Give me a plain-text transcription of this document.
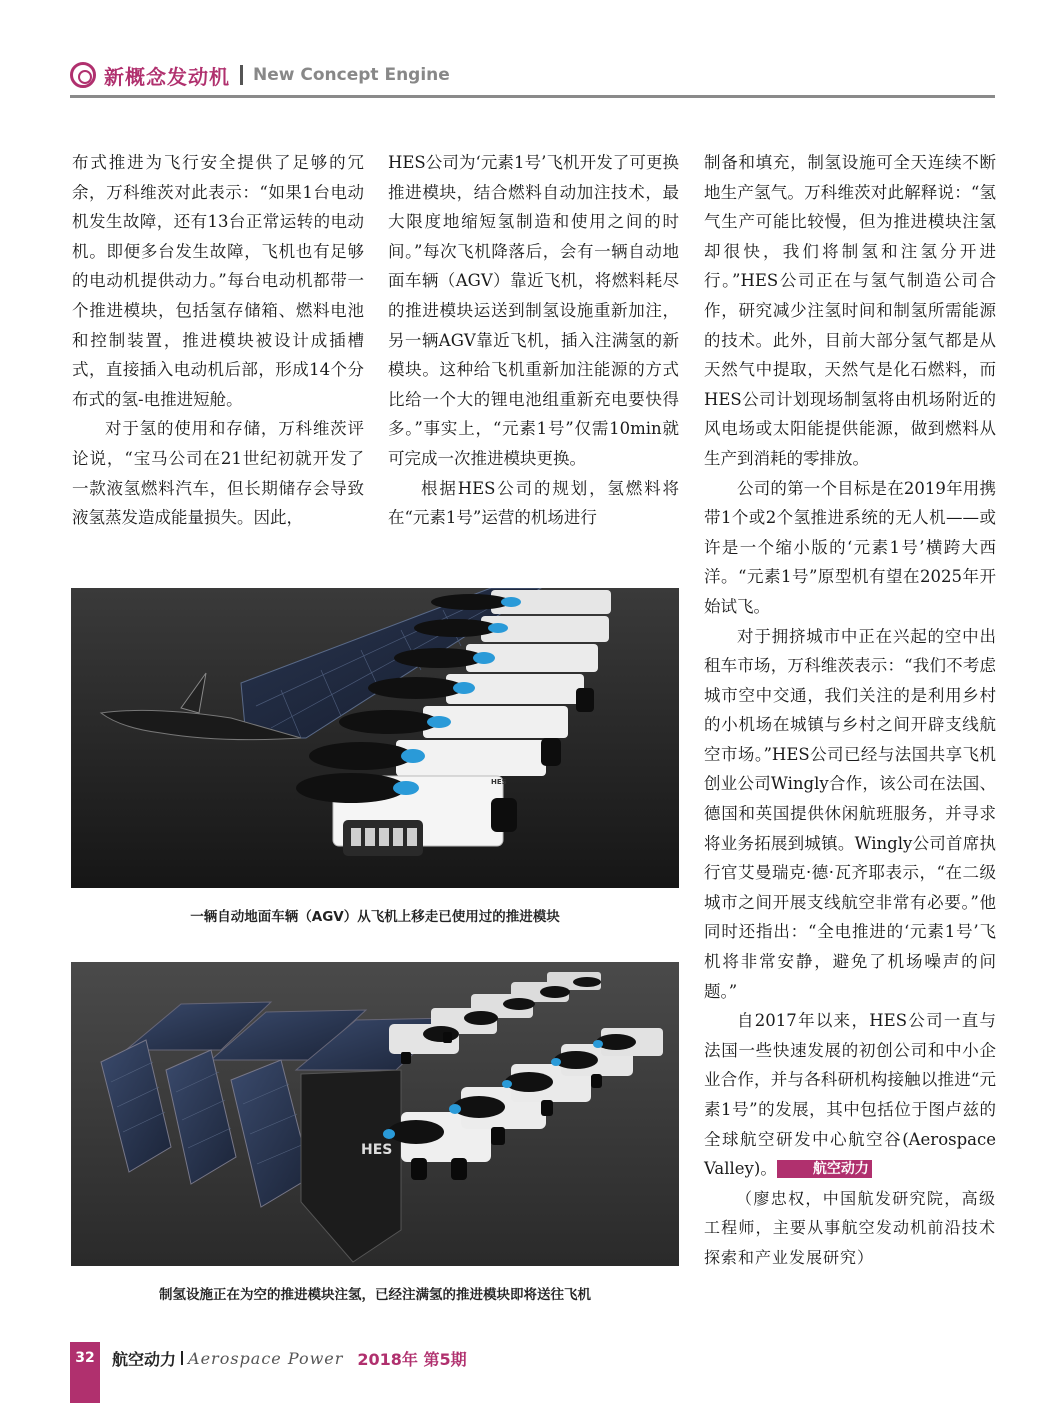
新概念发动机 New Concept Engine

布式推进为飞行安全提供了足够的冗余，万科维茨对此表示：“如果1台电动机发生故障，还有13台正常运转的电动机。即便多台发生故障，飞机也有足够的电动机提供动力。”每台电动机都带一个推进模块，包括氢存储箱、燃料电池和控制装置，推进模块被设计成插槽式，直接插入电动机后部，形成14个分布式的氢-电推进短舱。

对于氢的使用和存储，万科维茨评论说，“宝马公司在21世纪初就开发了一款液氢燃料汽车，但长期储存会导致液氢蒸发造成能量损失。因此，

HES公司为‘元素1号’飞机开发了可更换推进模块，结合燃料自动加注技术，最大限度地缩短氢制造和使用之间的时间。”每次飞机降落后，会有一辆自动地面车辆（AGV）靠近飞机，将燃料耗尽的推进模块运送到制氢设施重新加注，另一辆AGV靠近飞机，插入注满氢的新模块。这种给飞机重新加注能源的方式比给一个大的锂电池组重新充电要快得多。”事实上，“元素1号”仅需10min就可完成一次推进模块更换。

根据HES公司的规划，氢燃料将在“元素1号”运营的机场进行

制备和填充，制氢设施可全天连续不断地生产氢气。万科维茨对此解释说：“氢气生产可能比较慢，但为推进模块注氢却很快，我们将制氢和注氢分开进行。”HES公司正在与氢气制造公司合作，研究减少注氢时间和制氢所需能源的技术。此外，目前大部分氢气都是从天然气中提取，天然气是化石燃料，而HES公司计划现场制氢将由机场附近的风电场或太阳能提供能源，做到燃料从生产到消耗的零排放。

公司的第一个目标是在2019年用携带1个或2个氢推进系统的无人机——或许是一个缩小版的‘元素1号’横跨大西洋。“元素1号”原型机有望在2025年开始试飞。

对于拥挤城市中正在兴起的空中出租车市场，万科维茨表示：“我们不考虑城市空中交通，我们关注的是利用乡村的小机场在城镇与乡村之间开辟支线航空市场。”HES公司已经与法国共享飞机创业公司Wingly合作，该公司在法国、德国和英国提供休闲航班服务，并寻求将业务拓展到城镇。Wingly公司首席执行官艾曼瑞克·德·瓦齐耶表示，“在二级城市之间开展支线航空非常有必要。”他同时还指出：“全电推进的‘元素1号’飞机将非常安静，避免了机场噪声的问题。”

自2017年以来，HES公司一直与法国一些快速发展的初创公司和中小企业合作，并与各科研机构接触以推进“元素1号”的发展，其中包括位于图卢兹的全球航空研发中心航空谷(Aerospace Valley)。	航空动力

（廖忠权，中国航发研究院，高级工程师，主要从事航空发动机前沿技术探索和产业发展研究）

HES
一辆自动地面车辆（AGV）从飞机上移走已使用过的推进模块
HES
制氢设施正在为空的推进模块注氢，已经注满氢的推进模块即将送往飞机
32	航空动力 Aerospace Power 2018年 第5期
